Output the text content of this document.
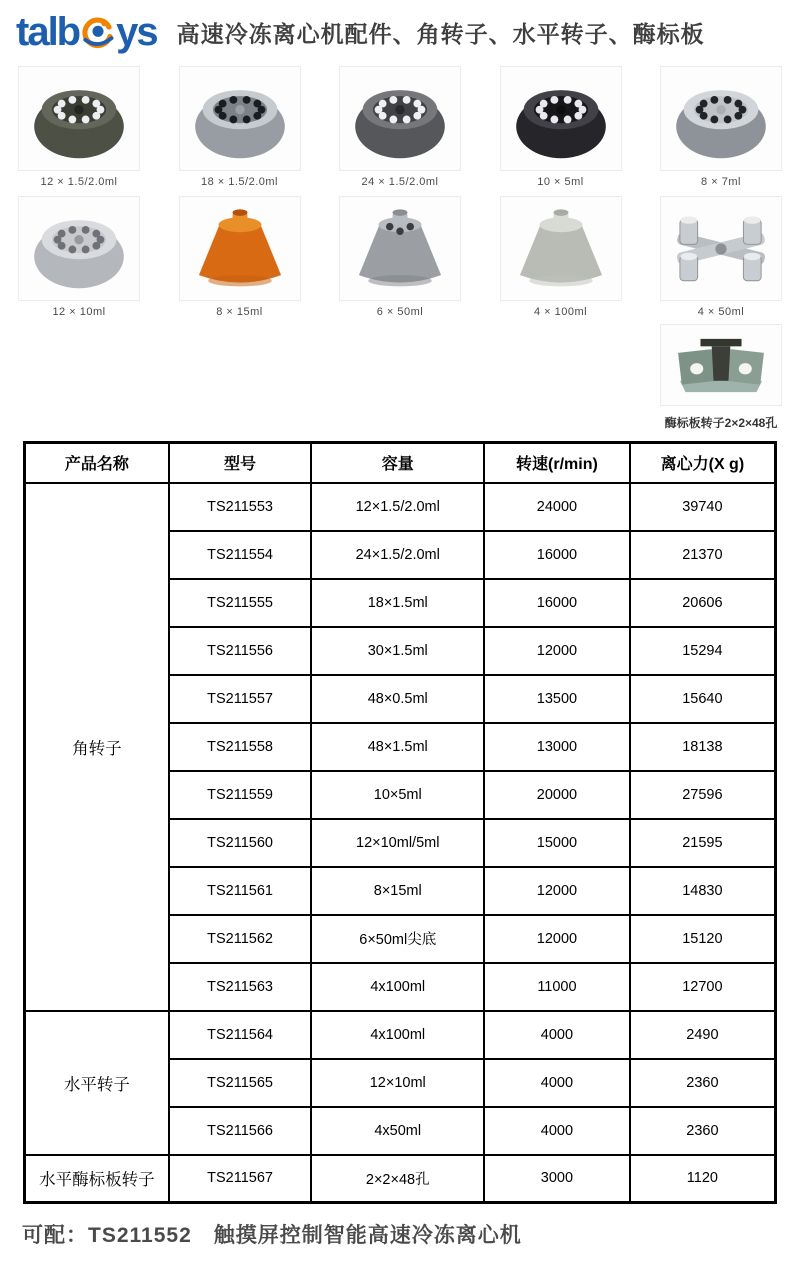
talb ys 高速冷冻离心机配件、角转子、水平转子、酶标板
12 × 1.5/2.0ml	18 × 1.5/2.0ml	24 × 1.5/2.0ml	10 × 5ml	8 × 7ml
12 × 10ml	8 × 15ml	6 × 50ml	4 × 100ml	4 × 50ml
酶标板转子2×2×48孔
产品名称	型号	容量	转速(r/min)	离心力(X g)
角转子	TS211553	12×1.5/2.0ml	24000	39740
	TS211554	24×1.5/2.0ml	16000	21370
	TS211555	18×1.5ml	16000	20606
	TS211556	30×1.5ml	12000	15294
	TS211557	48×0.5ml	13500	15640
	TS211558	48×1.5ml	13000	18138
	TS211559	10×5ml	20000	27596
	TS211560	12×10ml/5ml	15000	21595
	TS211561	8×15ml	12000	14830
	TS211562	6×50ml尖底	12000	15120
	TS211563	4x100ml	11000	12700
水平转子	TS211564	4x100ml	4000	2490
	TS211565	12×10ml	4000	2360
	TS211566	4x50ml	4000	2360
水平酶标板转子	TS211567	2×2×48孔	3000	1120
可配：TS211552　触摸屏控制智能高速冷冻离心机
